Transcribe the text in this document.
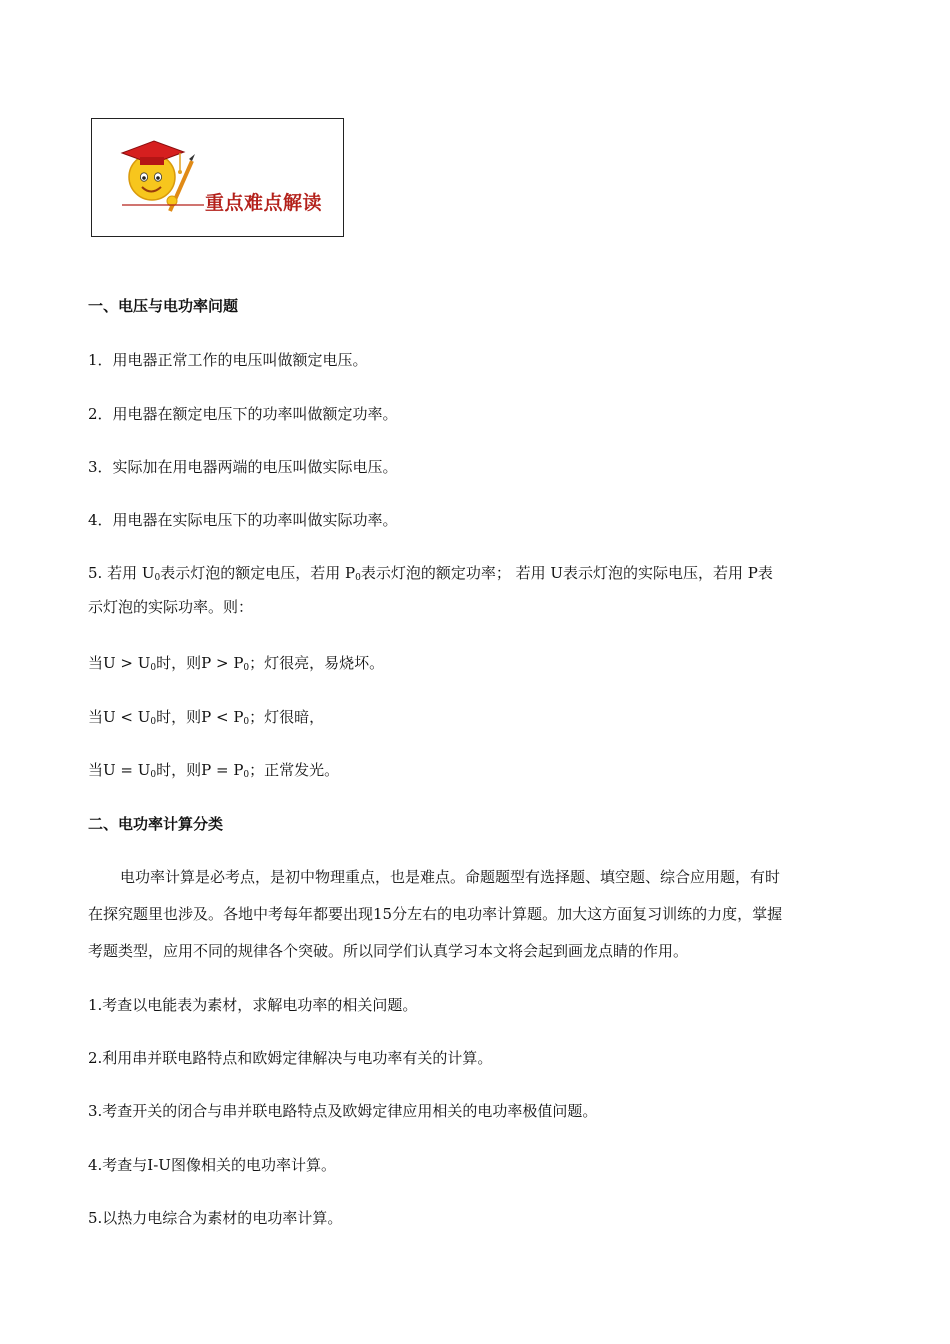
重点难点解读
一、电压与电功率问题
1．用电器正常工作的电压叫做额定电压。
2．用电器在额定电压下的功率叫做额定功率。
3．实际加在用电器两端的电压叫做实际电压。
4．用电器在实际电压下的功率叫做实际功率。
5. 若用 $U_0$表示灯泡的额定电压，若用 $P_0$表示灯泡的额定功率； 若用 U表示灯泡的实际电压，若用 P表
示灯泡的实际功率。则：
当$U > U_0$时，则$P > P_0$；灯很亮，易烧坏。
当$U < U_0$时，则$P < P_0$；灯很暗，
当$U = U_0$时，则$P = P_0$；正常发光。
二、电功率计算分类
电功率计算是必考点，是初中物理重点，也是难点。命题题型有选择题、填空题、综合应用题，有时
在探究题里也涉及。各地中考每年都要出现15分左右的电功率计算题。加大这方面复习训练的力度，掌握
考题类型，应用不同的规律各个突破。所以同学们认真学习本文将会起到画龙点睛的作用。
1.考查以电能表为素材，求解电功率的相关问题。
2.利用串并联电路特点和欧姆定律解决与电功率有关的计算。
3.考查开关的闭合与串并联电路特点及欧姆定律应用相关的电功率极值问题。
4.考查与I-U图像相关的电功率计算。
5.以热力电综合为素材的电功率计算。
